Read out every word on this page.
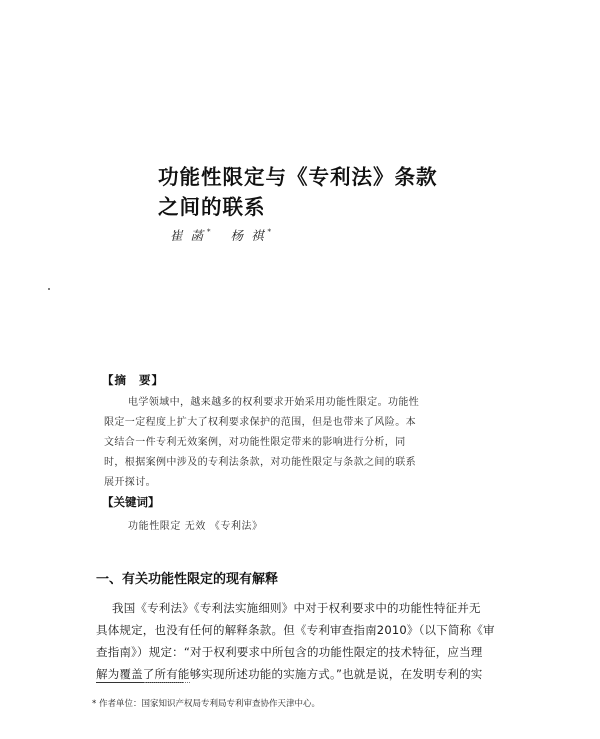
功能性限定与《专利法》条款
之间的联系
崔 菡 * 杨 祺 *
【摘 要】
电学领域中，越来越多的权利要求开始采用功能性限定。功能性
限定一定程度上扩大了权利要求保护的范围，但是也带来了风险。本
文结合一件专利无效案例，对功能性限定带来的影响进行分析，同
时，根据案例中涉及的专利法条款，对功能性限定与条款之间的联系
展开探讨。
【关键词】
功能性限定 无效 《专利法》
一、有关功能性限定的现有解释
我国《专利法》《专利法实施细则》中对于权利要求中的功能性特征并无
具体规定，也没有任何的解释条款。但《专利审查指南2010》（以下简称《审
查指南》）规定：“对于权利要求中所包含的功能性限定的技术特征，应当理
解为覆盖了所有能够实现所述功能的实施方式。”也就是说，在发明专利的实
* 作者单位：国家知识产权局专利局专利审查协作天津中心。
